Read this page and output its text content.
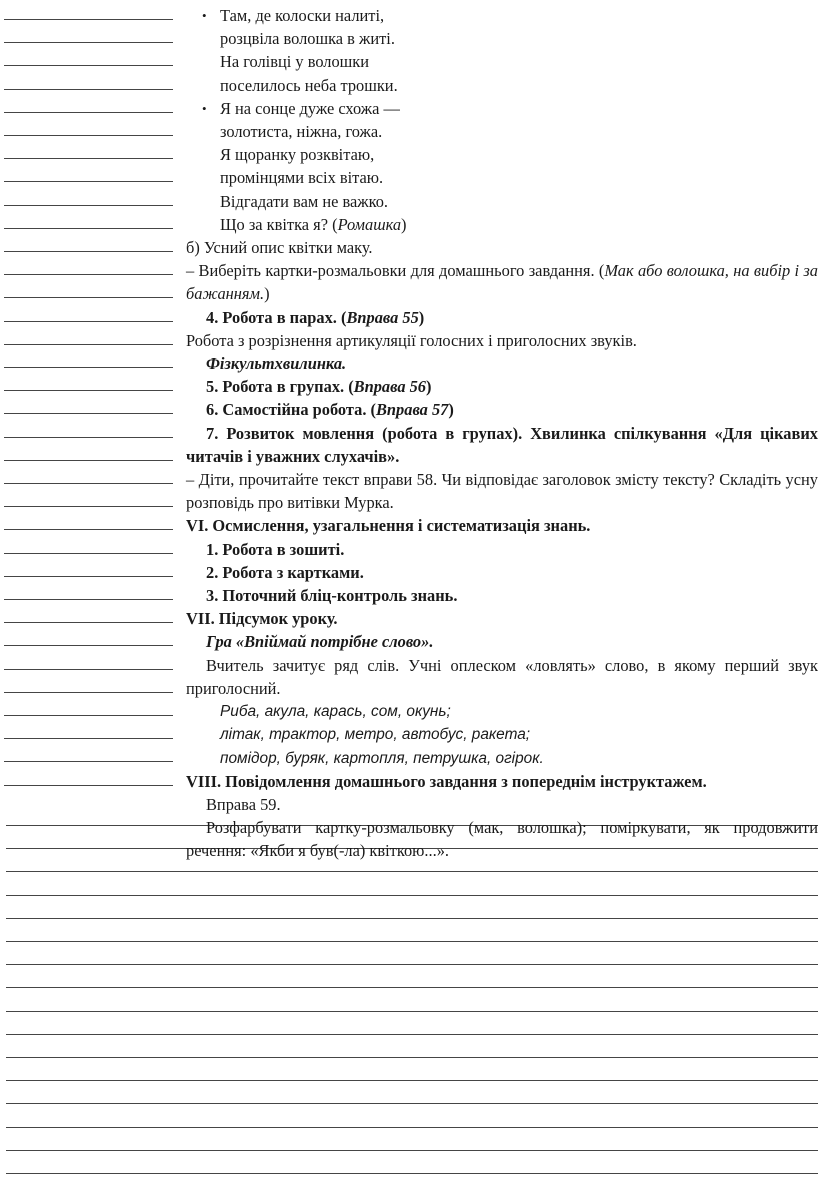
• Там, де колоски налиті,
розцвіла волошка в житі.
На голівці у волошки
поселилось неба трошки.
• Я на сонце дуже схожа —
золотиста, ніжна, гожа.
Я щоранку розквітаю,
промінцями всіх вітаю.
Відгадати вам не важко.
Що за квітка я? (Ромашка)

б) Усний опис квітки маку.

– Виберіть картки-розмальовки для домашнього завдання. (Мак або волошка, на вибір і за бажанням.)

4. Робота в парах. (Вправа 55)

Робота з розрізнення артикуляції голосних і приголосних звуків.

Фізкультхвилинка.

5. Робота в групах. (Вправа 56)

6. Самостійна робота. (Вправа 57)

7. Розвиток мовлення (робота в групах). Хвилинка спілкування «Для цікавих читачів і уважних слухачів».

– Діти, прочитайте текст вправи 58. Чи відповідає заголовок змісту тексту? Складіть усну розповідь про витівки Мурка.

VI. Осмислення, узагальнення і систематизація знань.

1. Робота в зошиті.

2. Робота з картками.

3. Поточний бліц-контроль знань.

VII. Підсумок уроку.

Гра «Впіймай потрібне слово».

Вчитель зачитує ряд слів. Учні оплеском «ловлять» слово, в якому перший звук приголосний.

Риба, акула, карась, сом, окунь;
літак, трактор, метро, автобус, ракета;
помідор, буряк, картопля, петрушка, огірок.

VIII. Повідомлення домашнього завдання з попереднім інструктажем.

Вправа 59.

Розфарбувати картку-розмальовку (мак, волошка); поміркувати, як продовжити речення: «Якби я був(-ла) квіткою...».
